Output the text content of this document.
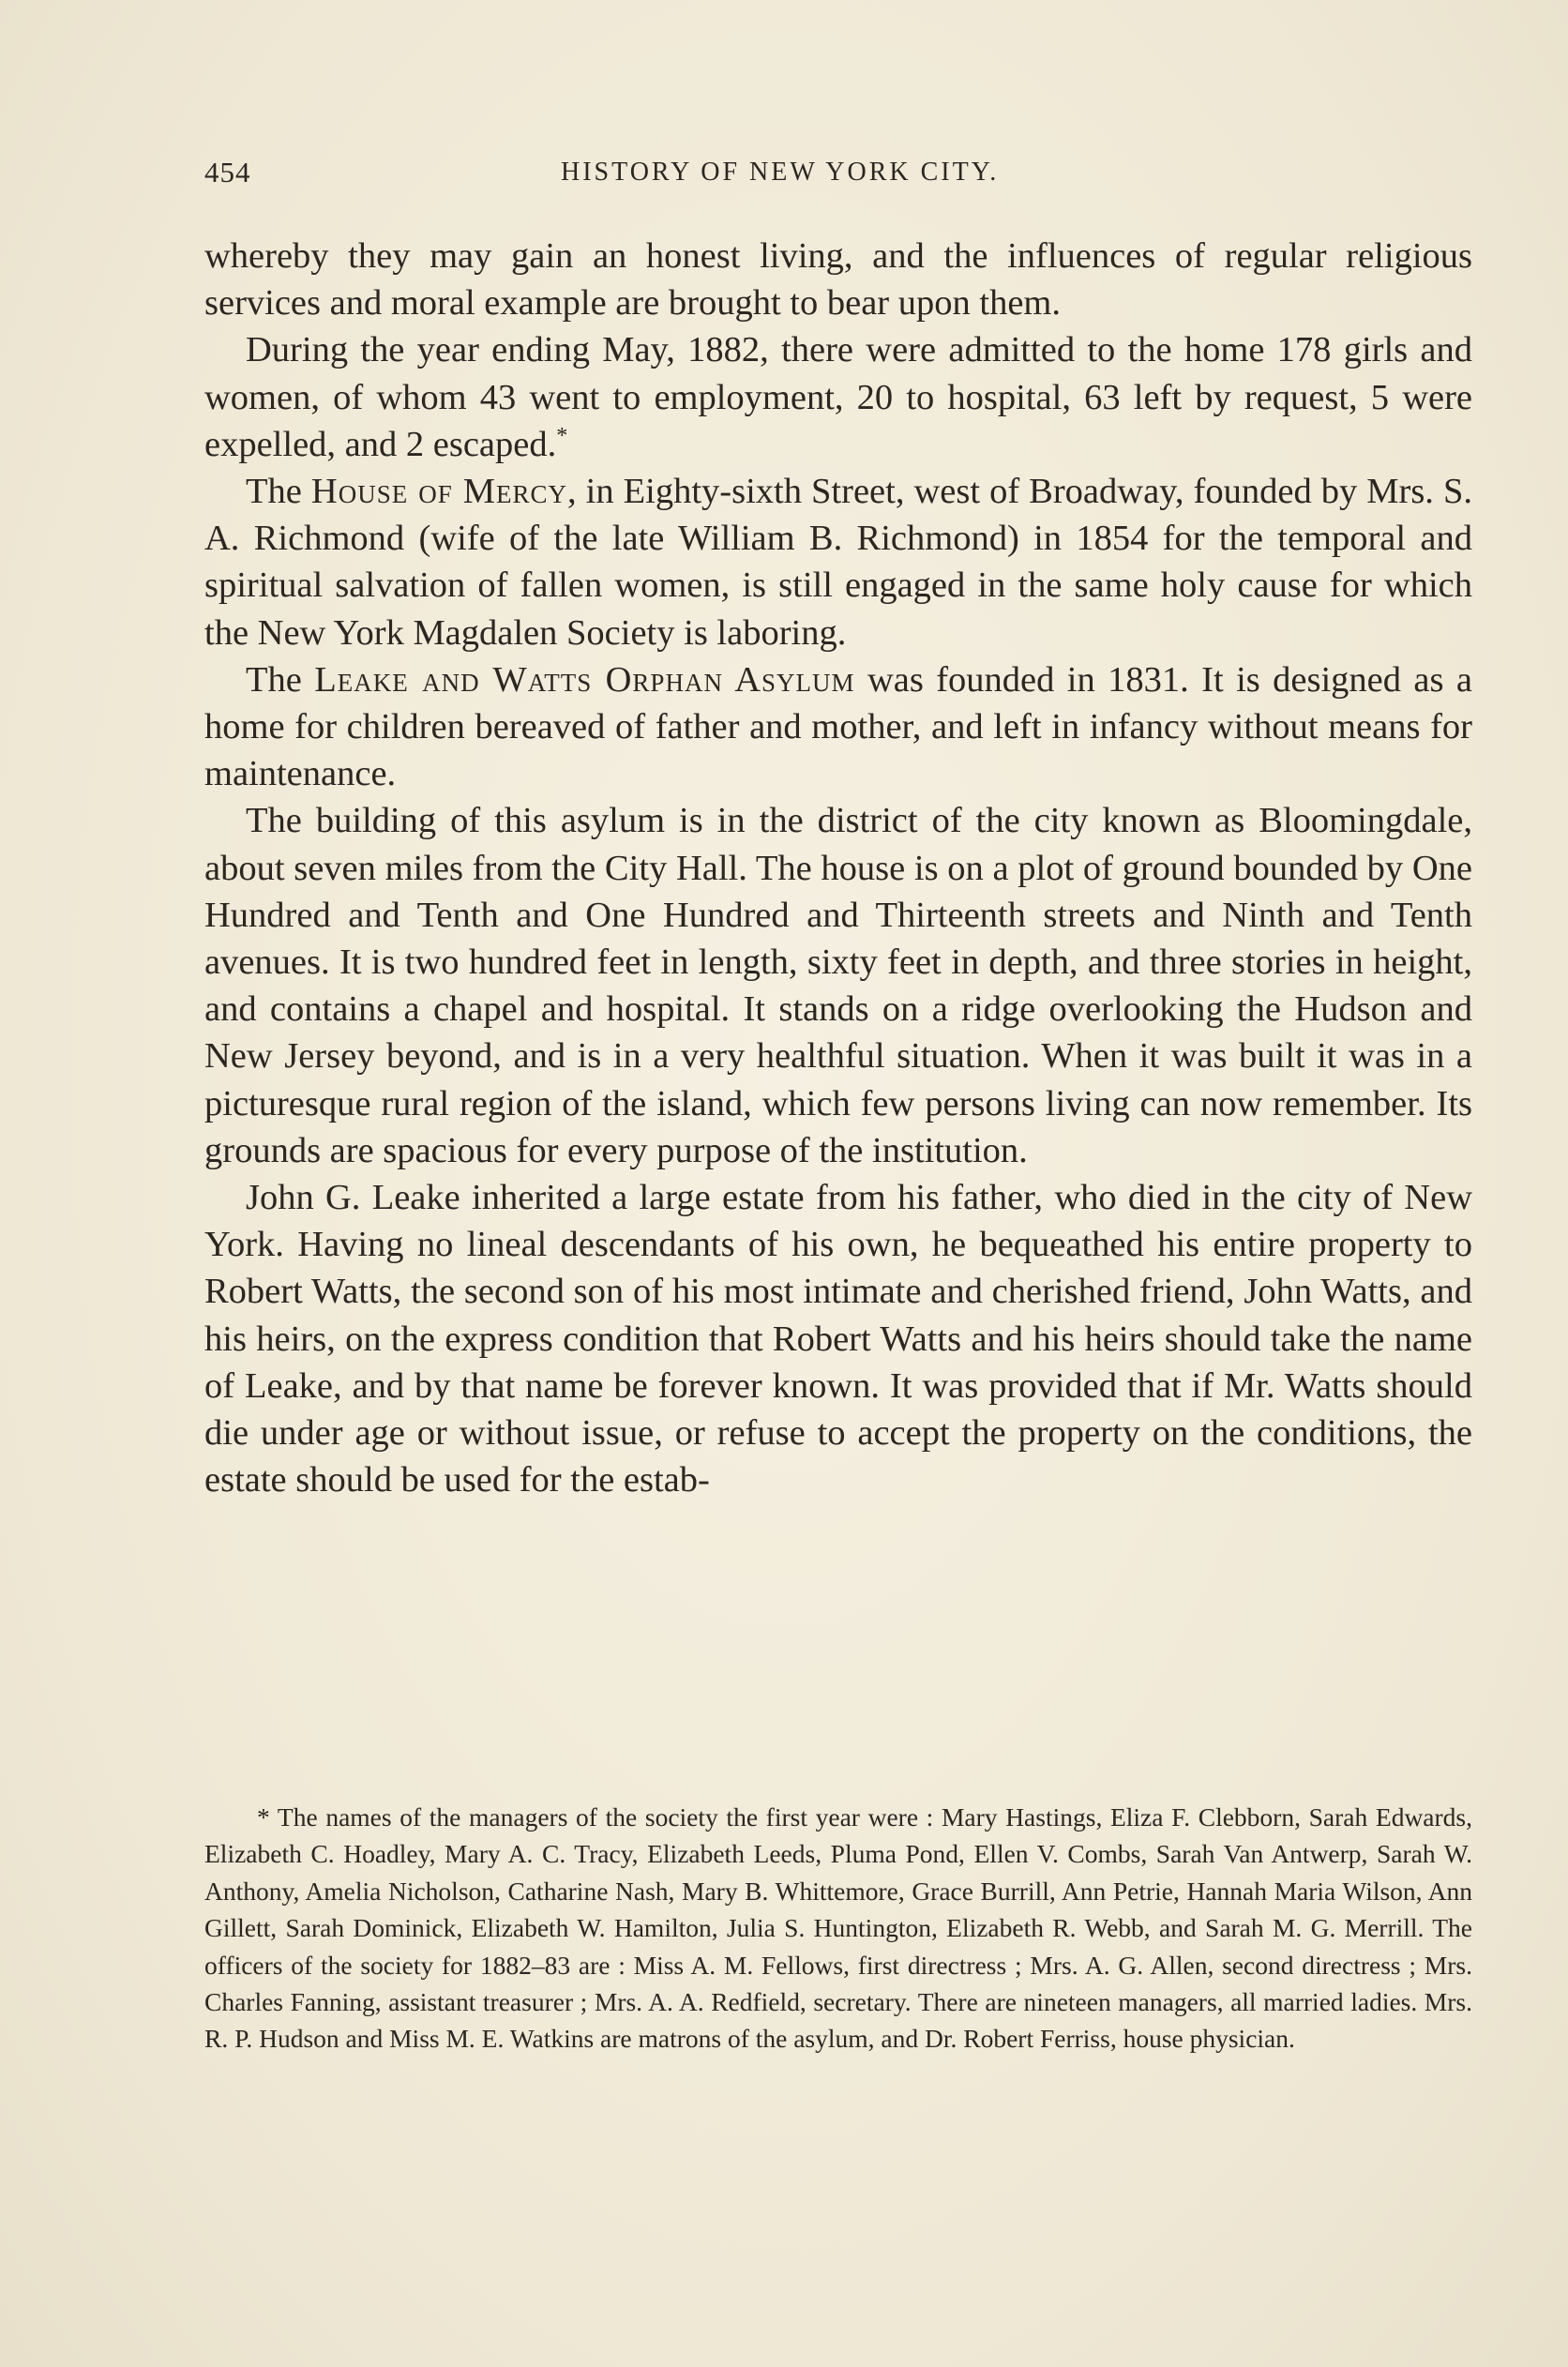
454	HISTORY OF NEW YORK CITY.

whereby they may gain an honest living, and the influences of regular religious services and moral example are brought to bear upon them.

During the year ending May, 1882, there were admitted to the home 178 girls and women, of whom 43 went to employment, 20 to hospital, 63 left by request, 5 were expelled, and 2 escaped.*

The House of Mercy, in Eighty-sixth Street, west of Broadway, founded by Mrs. S. A. Richmond (wife of the late William B. Richmond) in 1854 for the temporal and spiritual salvation of fallen women, is still engaged in the same holy cause for which the New York Magdalen Society is laboring.

The Leake and Watts Orphan Asylum was founded in 1831. It is designed as a home for children bereaved of father and mother, and left in infancy without means for maintenance.

The building of this asylum is in the district of the city known as Bloomingdale, about seven miles from the City Hall. The house is on a plot of ground bounded by One Hundred and Tenth and One Hundred and Thirteenth streets and Ninth and Tenth avenues. It is two hundred feet in length, sixty feet in depth, and three stories in height, and contains a chapel and hospital. It stands on a ridge overlooking the Hudson and New Jersey beyond, and is in a very healthful situation. When it was built it was in a picturesque rural region of the island, which few persons living can now remember. Its grounds are spacious for every purpose of the institution.

John G. Leake inherited a large estate from his father, who died in the city of New York. Having no lineal descendants of his own, he bequeathed his entire property to Robert Watts, the second son of his most intimate and cherished friend, John Watts, and his heirs, on the express condition that Robert Watts and his heirs should take the name of Leake, and by that name be forever known. It was provided that if Mr. Watts should die under age or without issue, or refuse to accept the property on the conditions, the estate should be used for the estab-

* The names of the managers of the society the first year were : Mary Hastings, Eliza F. Clebborn, Sarah Edwards, Elizabeth C. Hoadley, Mary A. C. Tracy, Elizabeth Leeds, Pluma Pond, Ellen V. Combs, Sarah Van Antwerp, Sarah W. Anthony, Amelia Nicholson, Catharine Nash, Mary B. Whittemore, Grace Burrill, Ann Petrie, Hannah Maria Wilson, Ann Gillett, Sarah Dominick, Elizabeth W. Hamilton, Julia S. Huntington, Elizabeth R. Webb, and Sarah M. G. Merrill. The officers of the society for 1882–83 are : Miss A. M. Fellows, first directress ; Mrs. A. G. Allen, second directress ; Mrs. Charles Fanning, assistant treasurer ; Mrs. A. A. Redfield, secretary. There are nineteen managers, all married ladies. Mrs. R. P. Hudson and Miss M. E. Watkins are matrons of the asylum, and Dr. Robert Ferriss, house physician.
